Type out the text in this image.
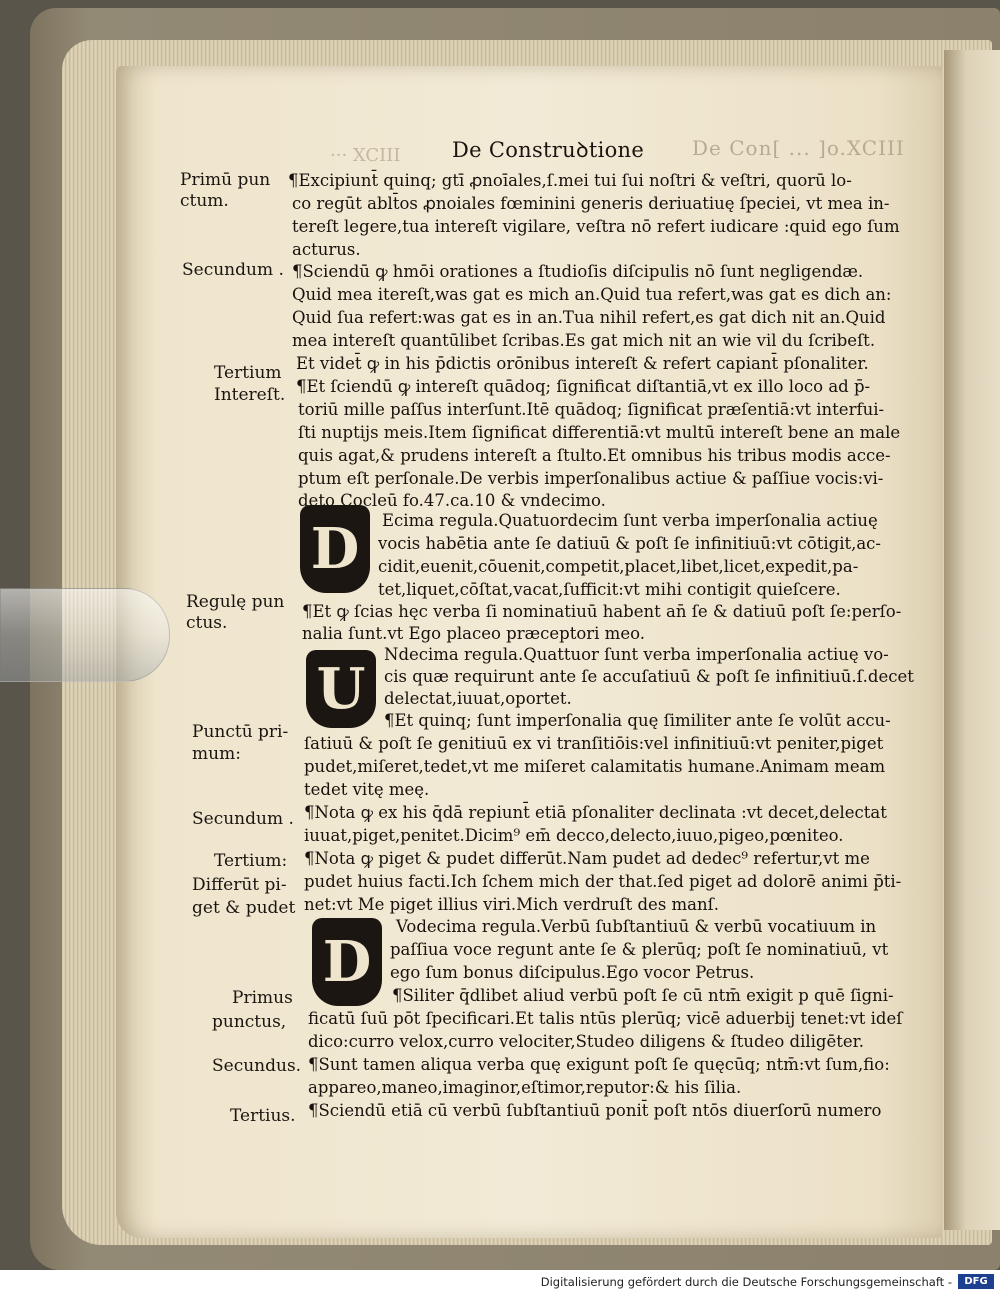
··· XCIII De Construꝺtione De Con[ ... ]o.XCIII
Primū pun
ctum.
Secundum .
Tertium
Intereſt.
Regulę pun
ctus.
Punctū pri-
mum:
Secundum .
Tertium:
Differūt pi-
get & pudet
Primus
punctus,
Secundus.
Tertius.
D
U
D
¶Excipiunt̄ quinq; gtī ꝓnoīales,ſ.mei tui ſui noſtri & veſtri, quorū lo-
co regūt ablt̄os ꝓnoiales fœminini generis deriuatiuę ſpeciei, vt mea in-
tereſt legere,tua intereſt vigilare, veſtra nō refert iudicare :quid ego ſum
acturus.
¶Sciendū ꝙ hmōi orationes a ſtudioſis diſcipulis nō ſunt negligendæ.
Quid mea itereſt,was gat es mich an.Quid tua refert,was gat es dich an:
Quid ſua refert:was gat es in an.Tua nihil refert,es gat dich nit an.Quid
mea intereſt quantūlibet ſcribas.Es gat mich nit an wie vil du ſcribeſt.
Et videt̄ ꝙ in his p̄dictis orōnibus intereſt & refert capiant̄ pſonaliter.
¶Et ſciendū ꝙ intereſt quādoq; ſignificat diſtantiā,vt ex illo loco ad p̄-
toriū mille paſſus interſunt.Itē quādoq; ſignificat præſentiā:vt interfui-
ſti nuptijs meis.Item ſignificat differentiā:vt multū intereſt bene an male
quis agat,& prudens intereſt a ſtulto.Et omnibus his tribus modis acce-
ptum eſt perſonale.De verbis imperſonalibus actiue & paſſiue vocis:vi-
deto Cocleū fo.47.ca.10 & vndecimo.
Ecima regula.Quatuordecim ſunt verba imperſonalia actiuę
vocis habētia ante ſe datiuū & poſt ſe infinitiuū:vt cōtigit,ac-
cidit,euenit,cōuenit,competit,placet,libet,licet,expedit,pa-
tet,liquet,cōſtat,vacat,ſufficit:vt mihi contigit quieſcere.
¶Et ꝙ ſcias hęc verba ſi nominatiuū habent an̄ ſe & datiuū poſt ſe:perſo-
nalia ſunt.vt Ego placeo præceptori meo.
Ndecima regula.Quattuor ſunt verba imperſonalia actiuę vo-
cis quæ requirunt ante ſe accuſatiuū & poſt ſe infinitiuū.ſ.decet
delectat,iuuat,oportet.
¶Et quinq; ſunt imperſonalia quę ſimiliter ante ſe volūt accu-
ſatiuū & poſt ſe genitiuū ex vi tranſitiōis:vel infinitiuū:vt peniter,piget
pudet,miſeret,tedet,vt me miſeret calamitatis humane.Animam meam
tedet vitę meę.
¶Nota ꝙ ex his q̄dā repiunt̄ etiā pſonaliter declinata :vt decet,delectat
iuuat,piget,penitet.Dicim⁹ em̄ decco,delecto,iuuo,pigeo,pœniteo.
¶Nota ꝙ piget & pudet differūt.Nam pudet ad dedec⁹ refertur,vt me
pudet huius facti.Ich ſchem mich der that.ſed piget ad dolorē animi p̄ti-
net:vt Me piget illius viri.Mich verdruſt des manſ.
Vodecima regula.Verbū ſubſtantiuū & verbū vocatiuum in
paſſiua voce regunt ante ſe & plerūq; poſt ſe nominatiuū, vt
ego ſum bonus diſcipulus.Ego vocor Petrus.
¶Siliter q̄dlibet aliud verbū poſt ſe cū ntm̄ exigit p quē ſigni-
ficatū ſuū pōt ſpecificari.Et talis ntūs plerūq; vicē aduerbij tenet:vt ideſ
dico:curro velox,curro velociter,Studeo diligens & ſtudeo diligēter.
¶Sunt tamen aliqua verba quę exigunt poſt ſe quęcūq; ntm̄:vt ſum,fio:
appareo,maneo,imaginor,eſtimor,reputor:& his ſilia.
¶Sciendū etiā cū verbū ſubſtantiuū ponit̄ poſt ntōs diuerſorū numero
Digitalisierung gefördert durch die Deutsche Forschungsgemeinschaft -	DFG
